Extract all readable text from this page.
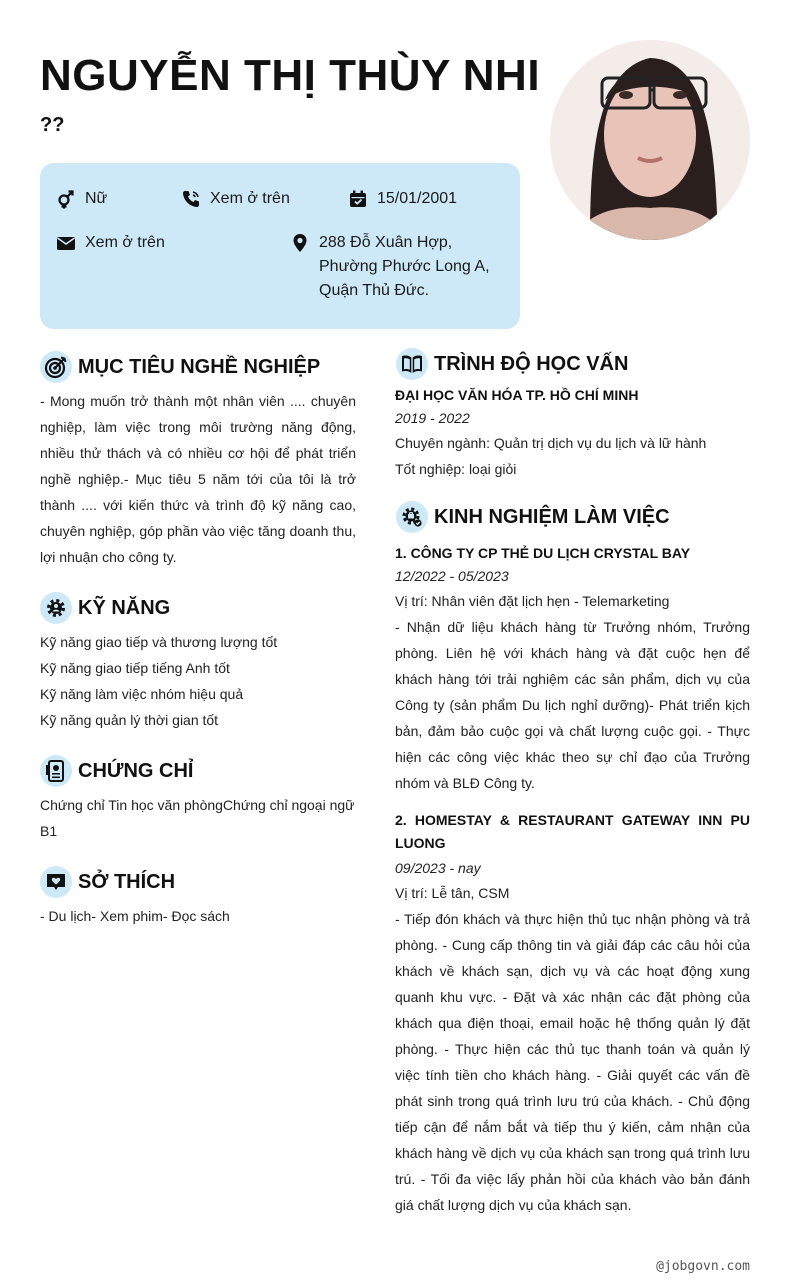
NGUYỄN THỊ THÙY NHI
??
Nữ	Xem ở trên	15/01/2001
Xem ở trên	288 Đỗ Xuân Hợp,
Phường Phước Long A,
Quận Thủ Đức.
MỤC TIÊU NGHỀ NGHIỆP
- Mong muốn trở thành một nhân viên .... chuyên nghiệp, làm việc trong môi trường năng động, nhiều thử thách và có nhiều cơ hội để phát triển nghề nghiệp.- Mục tiêu 5 năm tới của tôi là trở thành .... với kiến thức và trình độ kỹ năng cao, chuyên nghiệp, góp phần vào việc tăng doanh thu, lợi nhuận cho công ty.
KỸ NĂNG
Kỹ năng giao tiếp và thương lượng tốt
Kỹ năng giao tiếp tiếng Anh tốt
Kỹ năng làm việc nhóm hiệu quả
Kỹ năng quản lý thời gian tốt
CHỨNG CHỈ
Chứng chỉ Tin học văn phòngChứng chỉ ngoại ngữ B1
SỞ THÍCH
- Du lịch- Xem phim- Đọc sách
TRÌNH ĐỘ HỌC VẤN
ĐẠI HỌC VĂN HÓA TP. HỒ CHÍ MINH
2019 - 2022
Chuyên ngành: Quản trị dịch vụ du lịch và lữ hành
Tốt nghiệp: loại giỏi
KINH NGHIỆM LÀM VIỆC
1. CÔNG TY CP THẺ DU LỊCH CRYSTAL BAY
12/2022 - 05/2023
Vị trí: Nhân viên đặt lịch hẹn - Telemarketing
- Nhận dữ liệu khách hàng từ Trưởng nhóm, Trưởng phòng. Liên hệ với khách hàng và đặt cuộc hẹn để khách hàng tới trải nghiệm các sản phẩm, dịch vụ của Công ty (sản phẩm Du lịch nghỉ dưỡng)- Phát triển kịch bản, đảm bảo cuộc gọi và chất lượng cuộc gọi. - Thực hiện các công việc khác theo sự chỉ đạo của Trưởng nhóm và BLĐ Công ty.
2. HOMESTAY & RESTAURANT GATEWAY INN PU LUONG
09/2023 - nay
Vị trí: Lễ tân, CSM
- Tiếp đón khách và thực hiện thủ tục nhận phòng và trả phòng. - Cung cấp thông tin và giải đáp các câu hỏi của khách về khách sạn, dịch vụ và các hoạt động xung quanh khu vực. - Đặt và xác nhận các đặt phòng của khách qua điện thoại, email hoặc hệ thống quản lý đặt phòng. - Thực hiện các thủ tục thanh toán và quản lý việc tính tiền cho khách hàng. - Giải quyết các vấn đề phát sinh trong quá trình lưu trú của khách. - Chủ động tiếp cận để nắm bắt và tiếp thu ý kiến, cảm nhận của khách hàng về dịch vụ của khách sạn trong quá trình lưu trú. - Tối đa việc lấy phản hồi của khách vào bản đánh giá chất lượng dịch vụ của khách sạn.
@jobgovn.com
